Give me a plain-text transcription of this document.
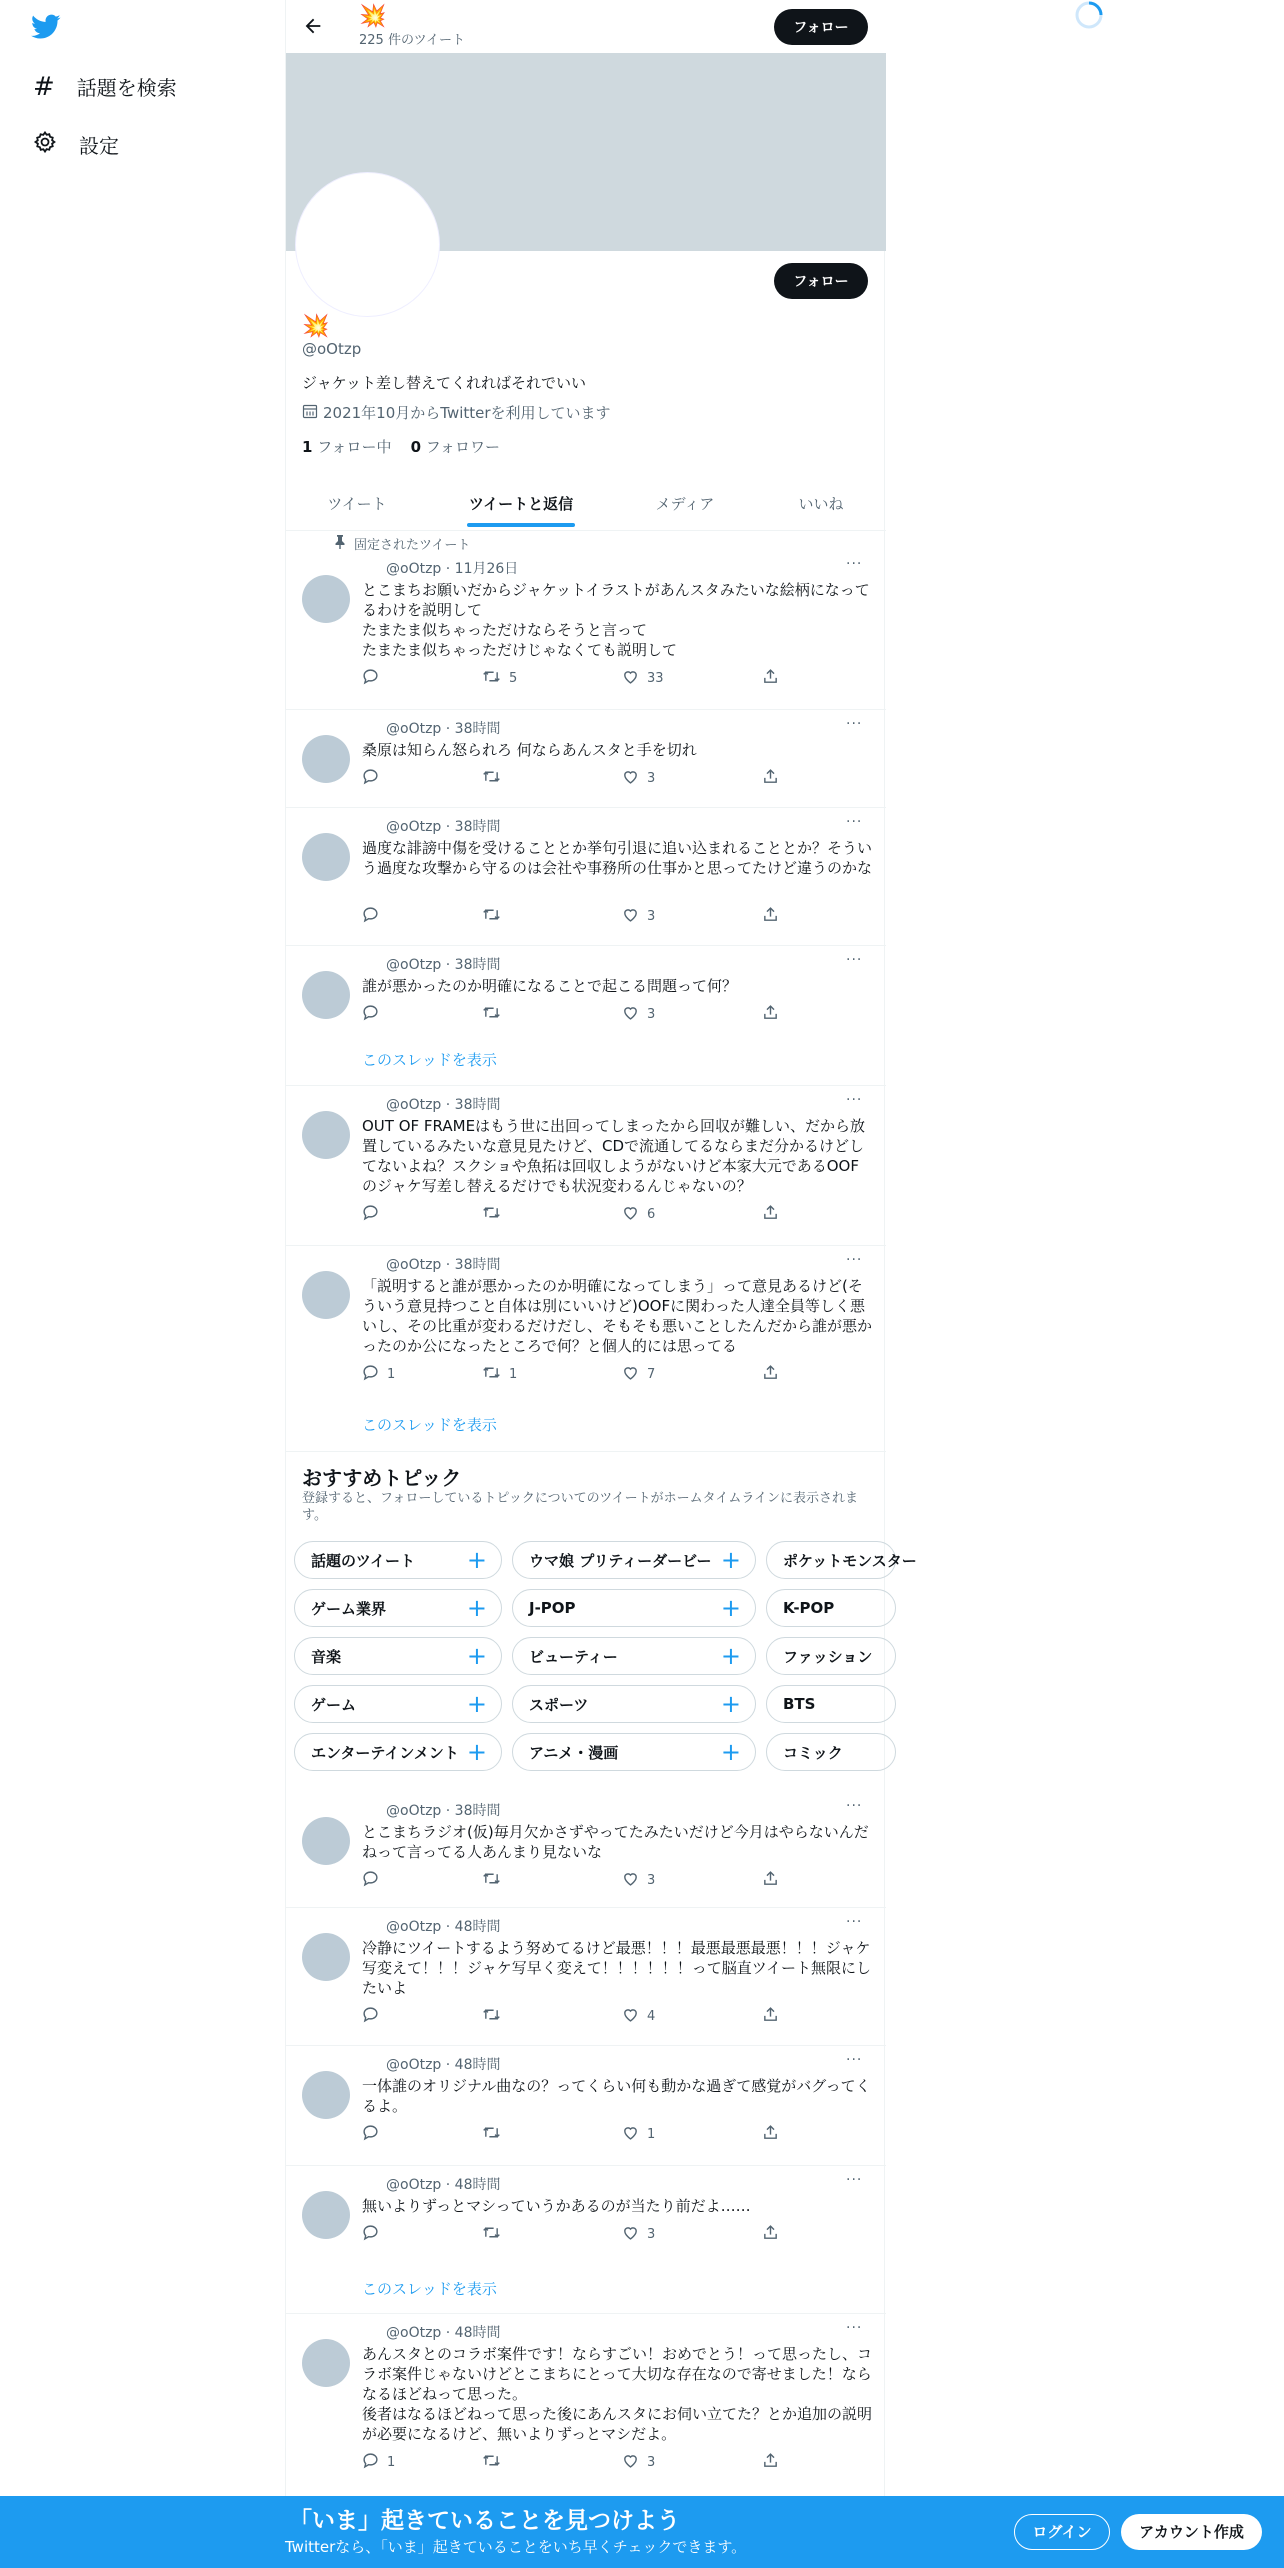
# 話題を検索
設定
💥
225 件のツイート
フォロー
フォロー
💥
@oOtzp
ジャケット差し替えてくれればそれでいい
2021年10月からTwitterを利用しています
1 フォロー中 0 フォロワー
ツイート	ツイートと返信	メディア	いいね
固定されたツイート
@oOtzp · 11月26日	···
とこまちお願いだからジャケットイラストがあんスタみたいな絵柄になってるわけを説明して
たまたま似ちゃっただけならそうと言って
たまたま似ちゃっただけじゃなくても説明して
5	33
@oOtzp · 38時間	···
桑原は知らん怒られろ 何ならあんスタと手を切れ
3
@oOtzp · 38時間	···
過度な誹謗中傷を受けることとか挙句引退に追い込まれることとか？そういう過度な攻撃から守るのは会社や事務所の仕事かと思ってたけど違うのかな
3
@oOtzp · 38時間	···
誰が悪かったのか明確になることで起こる問題って何？
3
このスレッドを表示
@oOtzp · 38時間	···
OUT OF FRAMEはもう世に出回ってしまったから回収が難しい、だから放置しているみたいな意見見たけど、CDで流通してるならまだ分かるけどしてないよね？スクショや魚拓は回収しようがないけど本家大元であるOOFのジャケ写差し替えるだけでも状況変わるんじゃないの？
6
@oOtzp · 38時間	···
「説明すると誰が悪かったのか明確になってしまう」って意見あるけど(そういう意見持つこと自体は別にいいけど)OOFに関わった人達全員等しく悪いし、その比重が変わるだけだし、そもそも悪いことしたんだから誰が悪かったのか公になったところで何？と個人的には思ってる
1	1	7
このスレッドを表示
おすすめトピック
登録すると、フォローしているトピックについてのツイートがホームタイムラインに表示されます。
話題のツイート +	ウマ娘 プリティーダービー +	ポケットモンスター
ゲーム業界	+	J-POP	+	K-POP
音楽	+	ビューティー	+	ファッション
ゲーム	+	スポーツ	+	BTS
エンターテインメント +	アニメ・漫画	+	コミック
@oOtzp · 38時間	···
とこまちラジオ(仮)毎月欠かさずやってたみたいだけど今月はやらないんだねって言ってる人あんまり見ないな
3
@oOtzp · 48時間	···
冷静にツイートするよう努めてるけど最悪！！！最悪最悪最悪！！！ジャケ写変えて！！！ジャケ写早く変えて！！！！！！って脳直ツイート無限にしたいよ
4
@oOtzp · 48時間	···
一体誰のオリジナル曲なの？ってくらい何も動かな過ぎて感覚がバグってくるよ。
1
@oOtzp · 48時間	···
無いよりずっとマシっていうかあるのが当たり前だよ……
3
このスレッドを表示
@oOtzp · 48時間	···
あんスタとのコラボ案件です！ならすごい！おめでとう！って思ったし、コラボ案件じゃないけどとこまちにとって大切な存在なので寄せました！ならなるほどねって思った。
後者はなるほどねって思った後にあんスタにお伺い立てた？とか追加の説明が必要になるけど、無いよりずっとマシだよ。
1	3
「いま」起きていることを見つけよう
Twitterなら、「いま」起きていることをいち早くチェックできます。
ログイン	アカウント作成
